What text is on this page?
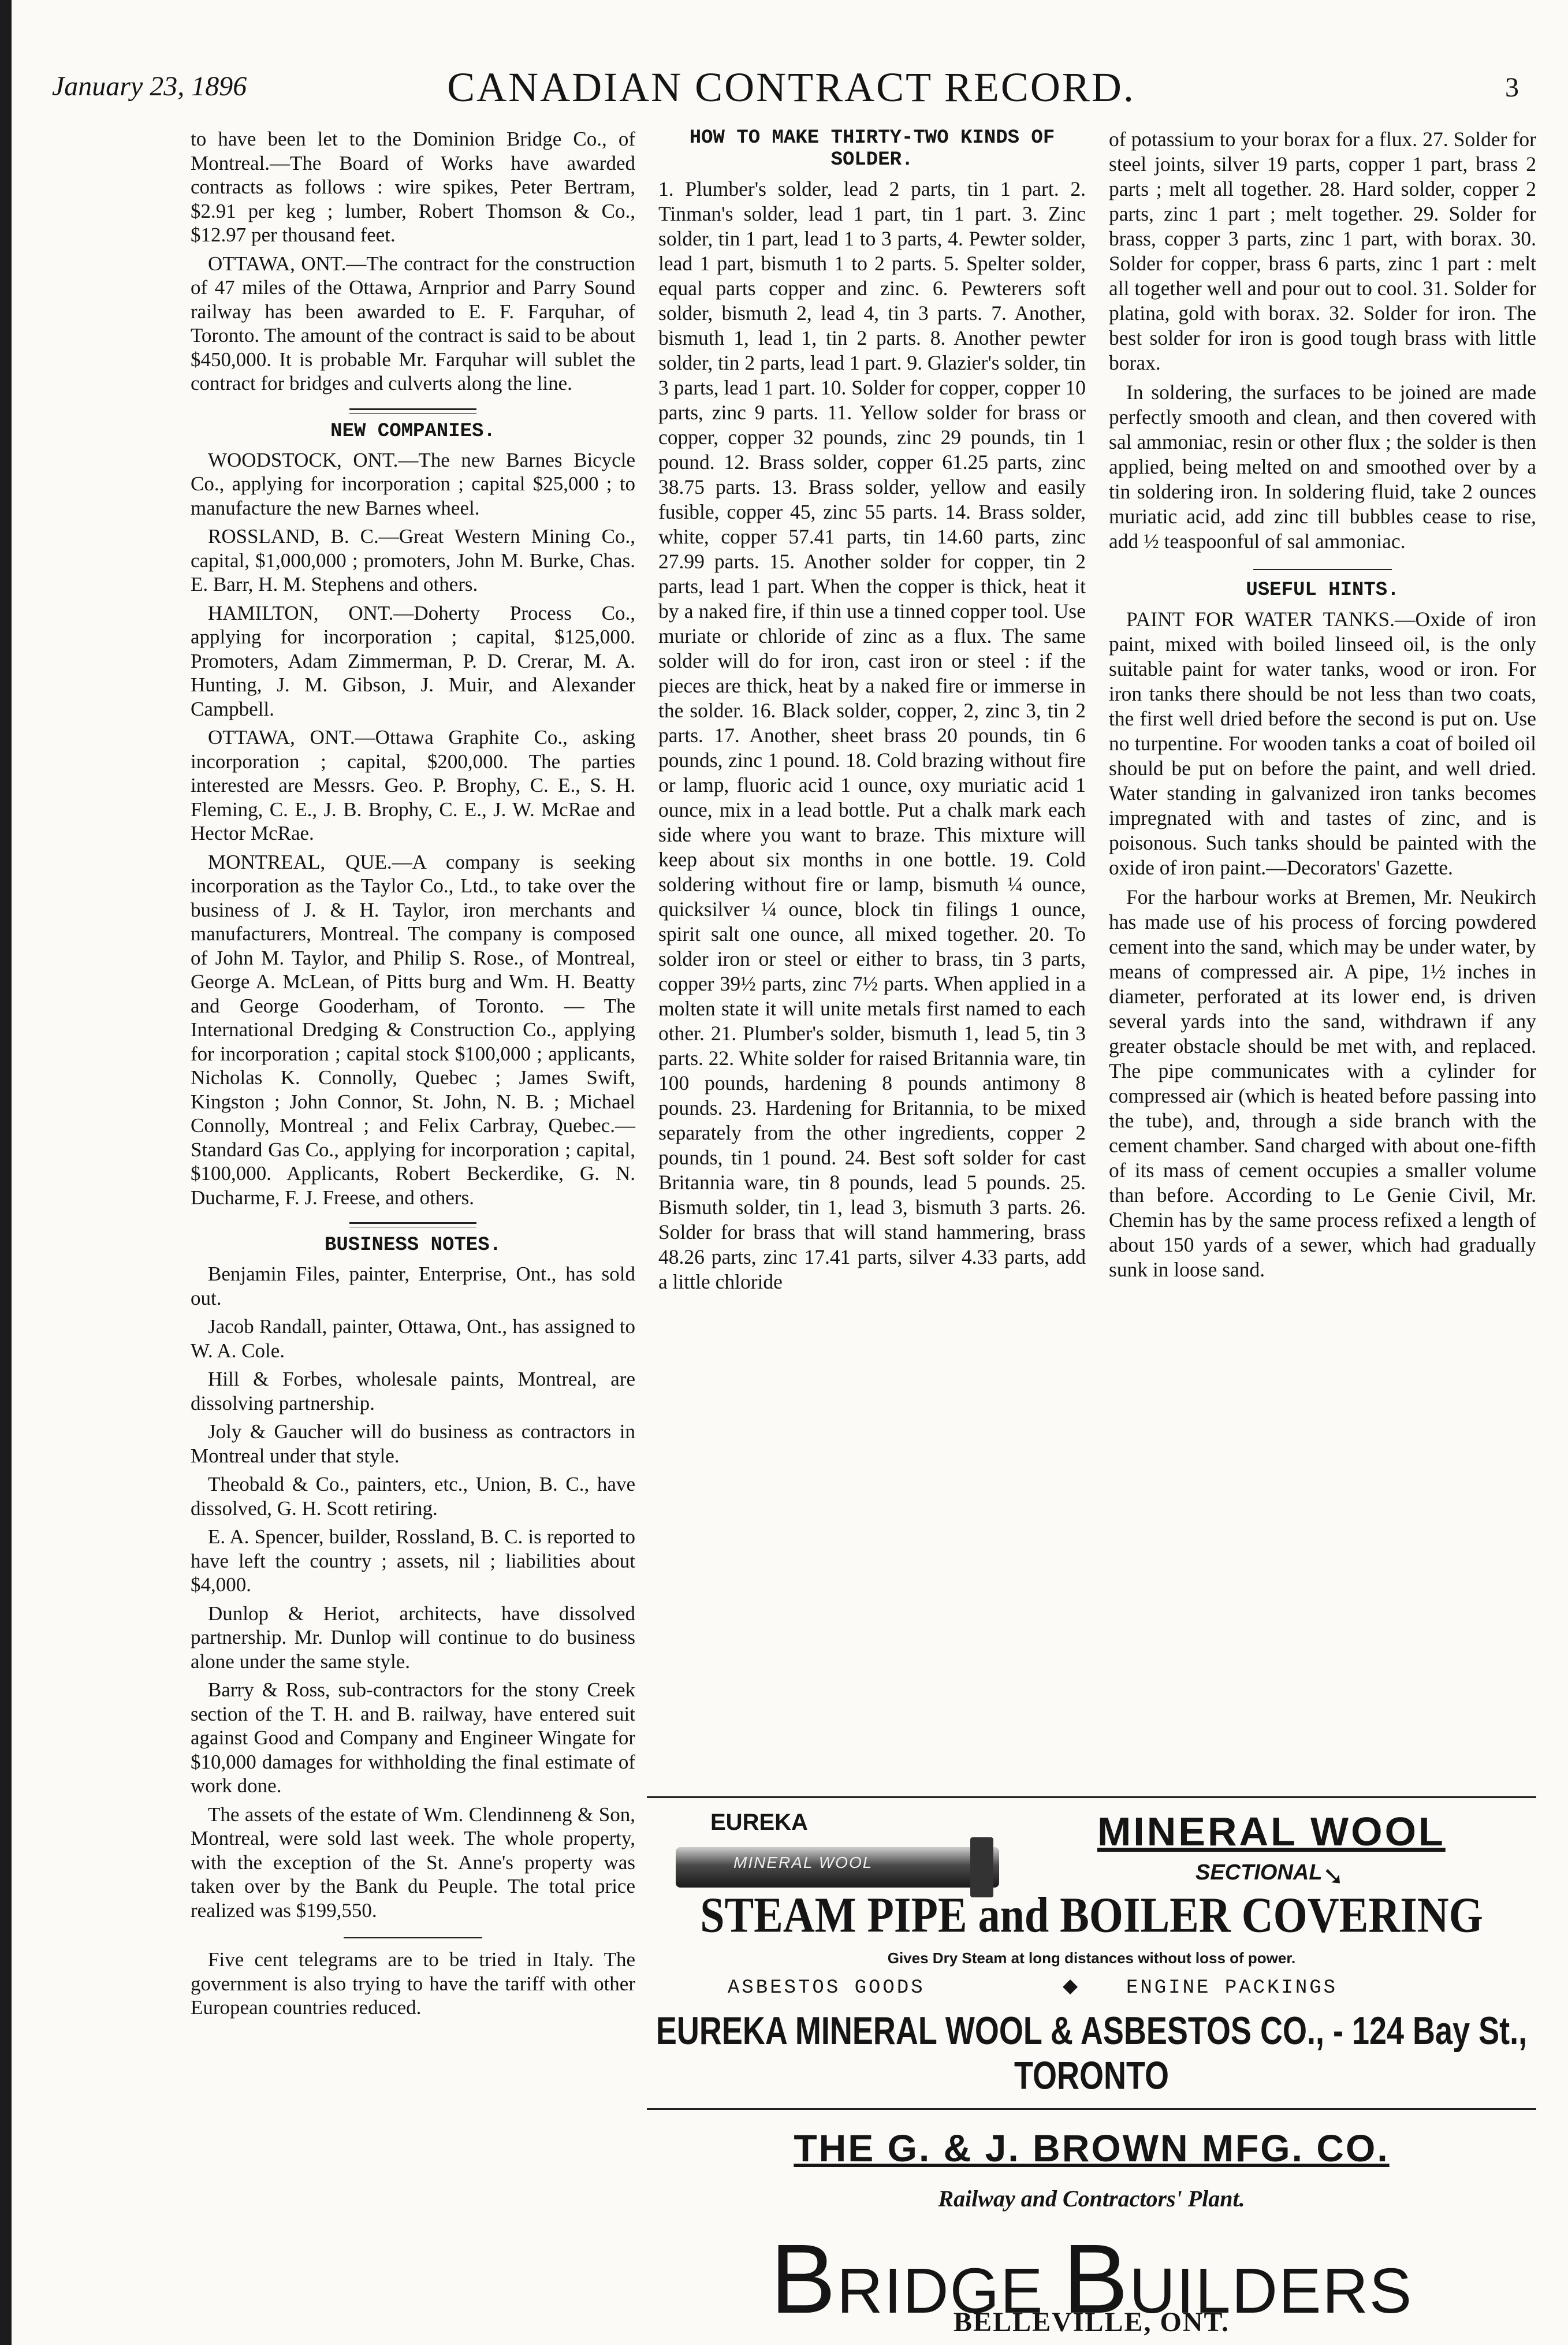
January 23, 1896	CANADIAN CONTRACT RECORD.	3

to have been let to the Dominion Bridge Co., of Montreal.—The Board of Works have awarded contracts as follows : wire spikes, Peter Bertram, $2.91 per keg ; lumber, Robert Thomson & Co., $12.97 per thousand feet.

OTTAWA, ONT.—The contract for the construction of 47 miles of the Ottawa, Arnprior and Parry Sound railway has been awarded to E. F. Farquhar, of Toronto. The amount of the contract is said to be about $450,000. It is probable Mr. Farquhar will sublet the contract for bridges and culverts along the line.

NEW COMPANIES.

WOODSTOCK, ONT.—The new Barnes Bicycle Co., applying for incorporation ; capital $25,000 ; to manufacture the new Barnes wheel.

ROSSLAND, B. C.—Great Western Mining Co., capital, $1,000,000 ; promoters, John M. Burke, Chas. E. Barr, H. M. Stephens and others.

HAMILTON, ONT.—Doherty Process Co., applying for incorporation ; capital, $125,000. Promoters, Adam Zimmerman, P. D. Crerar, M. A. Hunting, J. M. Gibson, J. Muir, and Alexander Campbell.

OTTAWA, ONT.—Ottawa Graphite Co., asking incorporation ; capital, $200,000. The parties interested are Messrs. Geo. P. Brophy, C. E., S. H. Fleming, C. E., J. B. Brophy, C. E., J. W. McRae and Hector McRae.

MONTREAL, QUE.—A company is seeking incorporation as the Taylor Co., Ltd., to take over the business of J. & H. Taylor, iron merchants and manufacturers, Montreal. The company is composed of John M. Taylor, and Philip S. Rose., of Montreal, George A. McLean, of Pitts burg and Wm. H. Beatty and George Gooderham, of Toronto. — The International Dredging & Construction Co., applying for incorporation ; capital stock $100,000 ; applicants, Nicholas K. Connolly, Quebec ; James Swift, Kingston ; John Connor, St. John, N. B. ; Michael Connolly, Montreal ; and Felix Carbray, Quebec.—Standard Gas Co., applying for incorporation ; capital, $100,000. Applicants, Robert Beckerdike, G. N. Ducharme, F. J. Freese, and others.

BUSINESS NOTES.

Benjamin Files, painter, Enterprise, Ont., has sold out.

Jacob Randall, painter, Ottawa, Ont., has assigned to W. A. Cole.

Hill & Forbes, wholesale paints, Montreal, are dissolving partnership.

Joly & Gaucher will do business as contractors in Montreal under that style.

Theobald & Co., painters, etc., Union, B. C., have dissolved, G. H. Scott retiring.

E. A. Spencer, builder, Rossland, B. C. is reported to have left the country ; assets, nil ; liabilities about $4,000.

Dunlop & Heriot, architects, have dissolved partnership. Mr. Dunlop will continue to do business alone under the same style.

Barry & Ross, sub-contractors for the stony Creek section of the T. H. and B. railway, have entered suit against Good and Company and Engineer Wingate for $10,000 damages for withholding the final estimate of work done.

The assets of the estate of Wm. Clendinneng & Son, Montreal, were sold last week. The whole property, with the exception of the St. Anne's property was taken over by the Bank du Peuple. The total price realized was $199,550.

Five cent telegrams are to be tried in Italy. The government is also trying to have the tariff with other European countries reduced.

HOW TO MAKE THIRTY-TWO KINDS OF SOLDER.

1. Plumber's solder, lead 2 parts, tin 1 part. 2. Tinman's solder, lead 1 part, tin 1 part. 3. Zinc solder, tin 1 part, lead 1 to 3 parts, 4. Pewter solder, lead 1 part, bismuth 1 to 2 parts. 5. Spelter solder, equal parts copper and zinc. 6. Pewterers soft solder, bismuth 2, lead 4, tin 3 parts. 7. Another, bismuth 1, lead 1, tin 2 parts. 8. Another pewter solder, tin 2 parts, lead 1 part. 9. Glazier's solder, tin 3 parts, lead 1 part. 10. Solder for copper, copper 10 parts, zinc 9 parts. 11. Yellow solder for brass or copper, copper 32 pounds, zinc 29 pounds, tin 1 pound. 12. Brass solder, copper 61.25 parts, zinc 38.75 parts. 13. Brass solder, yellow and easily fusible, copper 45, zinc 55 parts. 14. Brass solder, white, copper 57.41 parts, tin 14.60 parts, zinc 27.99 parts. 15. Another solder for copper, tin 2 parts, lead 1 part. When the copper is thick, heat it by a naked fire, if thin use a tinned copper tool. Use muriate or chloride of zinc as a flux. The same solder will do for iron, cast iron or steel : if the pieces are thick, heat by a naked fire or immerse in the solder. 16. Black solder, copper, 2, zinc 3, tin 2 parts. 17. Another, sheet brass 20 pounds, tin 6 pounds, zinc 1 pound. 18. Cold brazing without fire or lamp, fluoric acid 1 ounce, oxy muriatic acid 1 ounce, mix in a lead bottle. Put a chalk mark each side where you want to braze. This mixture will keep about six months in one bottle. 19. Cold soldering without fire or lamp, bismuth ¼ ounce, quicksilver ¼ ounce, block tin filings 1 ounce, spirit salt one ounce, all mixed together. 20. To solder iron or steel or either to brass, tin 3 parts, copper 39½ parts, zinc 7½ parts. When applied in a molten state it will unite metals first named to each other. 21. Plumber's solder, bismuth 1, lead 5, tin 3 parts. 22. White solder for raised Britannia ware, tin 100 pounds, hardening 8 pounds antimony 8 pounds. 23. Hardening for Britannia, to be mixed separately from the other ingredients, copper 2 pounds, tin 1 pound. 24. Best soft solder for cast Britannia ware, tin 8 pounds, lead 5 pounds. 25. Bismuth solder, tin 1, lead 3, bismuth 3 parts. 26. Solder for brass that will stand hammering, brass 48.26 parts, zinc 17.41 parts, silver 4.33 parts, add a little chloride

of potassium to your borax for a flux. 27. Solder for steel joints, silver 19 parts, copper 1 part, brass 2 parts ; melt all together. 28. Hard solder, copper 2 parts, zinc 1 part ; melt together. 29. Solder for brass, copper 3 parts, zinc 1 part, with borax. 30. Solder for copper, brass 6 parts, zinc 1 part : melt all together well and pour out to cool. 31. Solder for platina, gold with borax. 32. Solder for iron. The best solder for iron is good tough brass with little borax.

In soldering, the surfaces to be joined are made perfectly smooth and clean, and then covered with sal ammoniac, resin or other flux ; the solder is then applied, being melted on and smoothed over by a tin soldering iron. In soldering fluid, take 2 ounces muriatic acid, add zinc till bubbles cease to rise, add ½ teaspoonful of sal ammoniac.

USEFUL HINTS.

PAINT FOR WATER TANKS.—Oxide of iron paint, mixed with boiled linseed oil, is the only suitable paint for water tanks, wood or iron. For iron tanks there should be not less than two coats, the first well dried before the second is put on. Use no turpentine. For wooden tanks a coat of boiled oil should be put on before the paint, and well dried. Water standing in galvanized iron tanks becomes impregnated with and tastes of zinc, and is poisonous. Such tanks should be painted with the oxide of iron paint.—Decorators' Gazette.

For the harbour works at Bremen, Mr. Neukirch has made use of his process of forcing powdered cement into the sand, which may be under water, by means of compressed air. A pipe, 1½ inches in diameter, perforated at its lower end, is driven several yards into the sand, withdrawn if any greater obstacle should be met with, and replaced. The pipe communicates with a cylinder for compressed air (which is heated before passing into the tube), and, through a side branch with the cement chamber. Sand charged with about one-fifth of its mass of cement occupies a smaller volume than before. According to Le Genie Civil, Mr. Chemin has by the same process refixed a length of about 150 yards of a sewer, which had gradually sunk in loose sand.

EUREKA
MINERAL WOOL
MINERAL WOOL
SECTIONAL ➘
STEAM PIPE and BOILER COVERING
Gives Dry Steam at long distances without loss of power.
ASBESTOS GOODS	◆ ENGINE PACKINGS
EUREKA MINERAL WOOL & ASBESTOS CO., - 124 Bay St., TORONTO
THE G. & J. BROWN MFG. CO.
Railway and Contractors' Plant.
BRIDGE BUILDERS
BELLEVILLE, ONT.
